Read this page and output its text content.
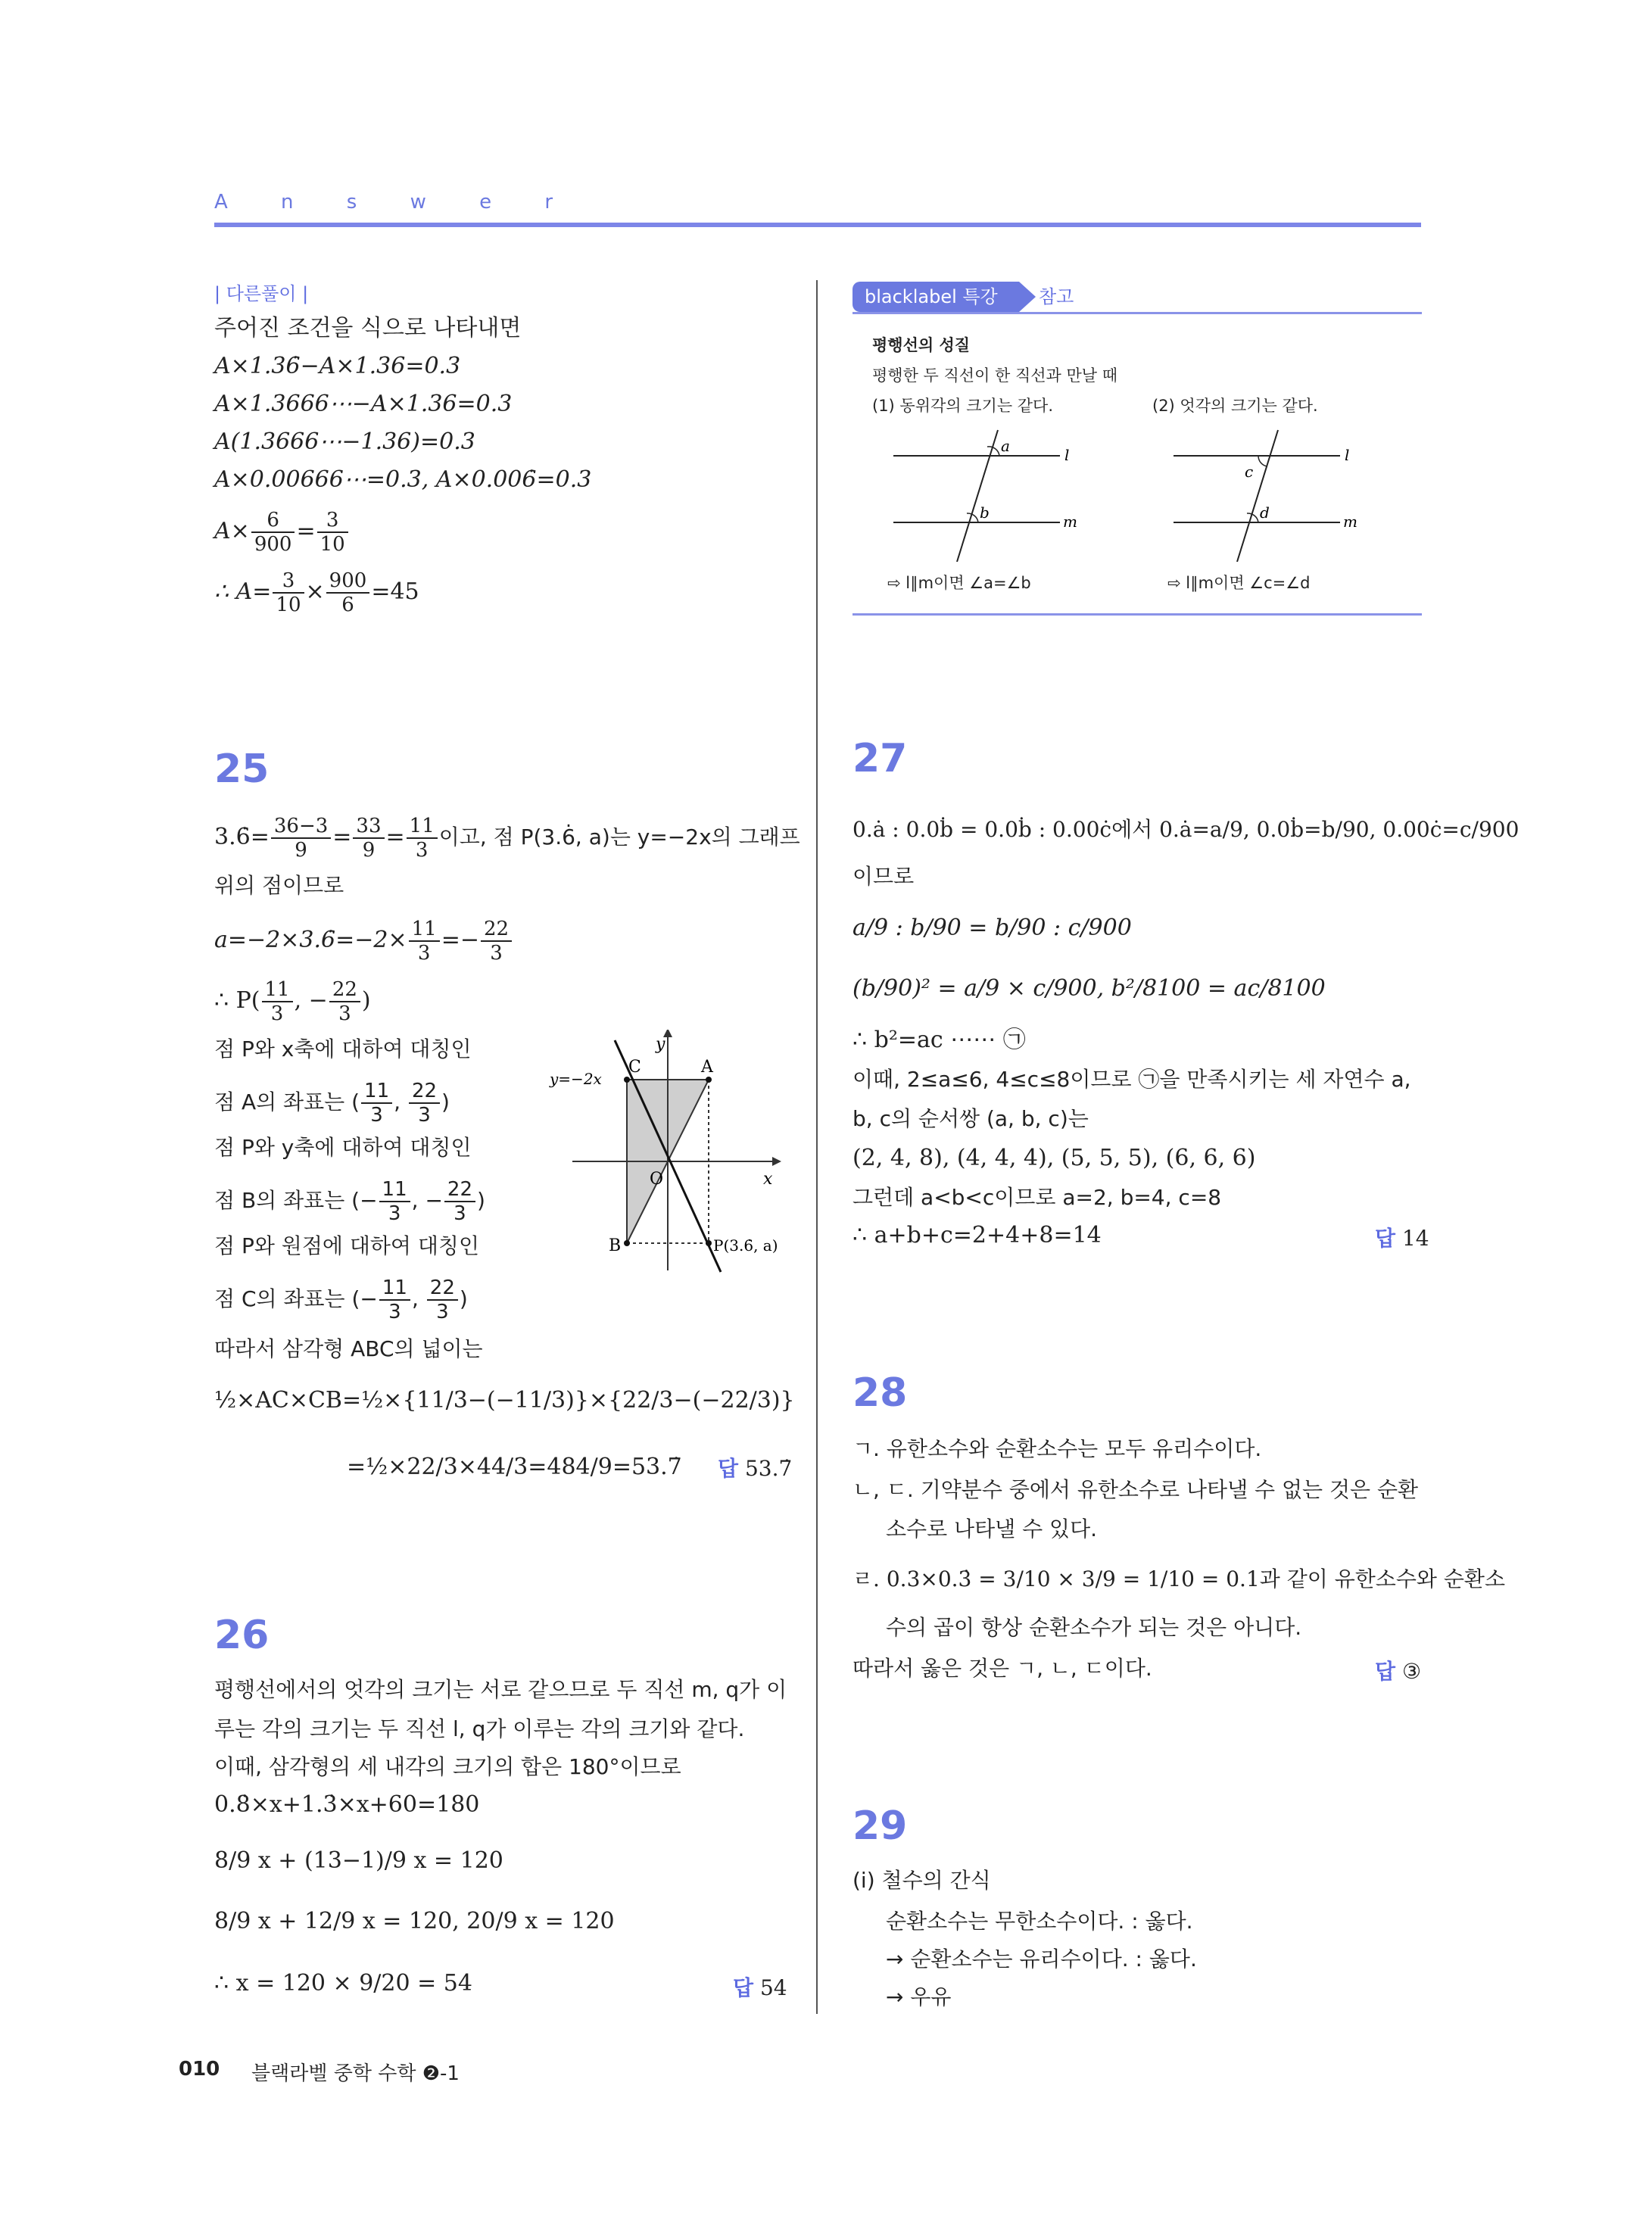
A n s w e r
| 다른풀이 |
주어진 조건을 식으로 나타내면
A×1.36̇−A×1.36=0.3
A×1.3666⋯−A×1.36=0.3
A(1.3666⋯−1.36)=0.3
A×0.00666⋯=0.3, A×0.006̇=0.3
$A\times \frac{6}{900} = \frac{3}{10}$
∴ $A= \frac{3}{10} \times \frac{900}{6} =45$
25
3.6̇= $\frac{36-3}{9} = \frac{33}{9} = \frac{11}{3}$ 이고, 점 P(3.6̇, a)는 y=−2x의 그래프
위의 점이므로
a=−2×3.6̇=−2× $\frac{11}{3} =- \frac{22}{3}$
∴ $P( \frac{11}{3}$ , − $\frac{22}{3}$ )
점 P와 x축에 대하여 대칭인
점 A의 좌표는 ( $\frac{11}{3}$ , $\frac{22}{3}$ )
점 P와 y축에 대하여 대칭인
점 B의 좌표는 (− $\frac{11}{3}$ , − $\frac{22}{3}$ )
점 P와 원점에 대하여 대칭인
점 C의 좌표는 (− $\frac{11}{3}$ , $\frac{22}{3}$ )
따라서 삼각형 ABC의 넓이는
½×AC×CB=½×{11/3−(−11/3)}×{22/3−(−22/3)}
=½×22/3×44/3=484/9=53.7̇ 답 53.7̇
y
x
y=−2x
O
A
C
B	P(3.6̇, a)
26
평행선에서의 엇각의 크기는 서로 같으므로 두 직선 m, q가 이
루는 각의 크기는 두 직선 l, q가 이루는 각의 크기와 같다.
이때, 삼각형의 세 내각의 크기의 합은 180°이므로
0.8̇×x+1.3̇×x+60=180
8/9 x + (13−1)/9 x = 120
8/9 x + 12/9 x = 120, 20/9 x = 120
∴ x = 120 × 9/20 = 54	답 54
blacklabel 특강	참고
평행선의 성질
평행한 두 직선이 한 직선과 만날 때
(1) 동위각의 크기는 같다.	(2) 엇각의 크기는 같다.
a
b
l
m
c
d
l
m
⇨ l∥m이면 ∠a=∠b	⇨ l∥m이면 ∠c=∠d
27
0.ȧ : 0.0ḃ = 0.0ḃ : 0.00ċ에서 0.ȧ=a/9, 0.0ḃ=b/90, 0.00ċ=c/900
이므로
a/9 : b/90 = b/90 : c/900
(b/90)² = a/9 × c/900, b²/8100 = ac/8100
∴ b²=ac ⋯⋯ ㉠
이때, 2≤a≤6, 4≤c≤8이므로 ㉠을 만족시키는 세 자연수 a,
b, c의 순서쌍 (a, b, c)는
(2, 4, 8), (4, 4, 4), (5, 5, 5), (6, 6, 6)
그런데 a<b<c이므로 a=2, b=4, c=8
∴ a+b+c=2+4+8=14	답 14
28
ㄱ. 유한소수와 순환소수는 모두 유리수이다.
ㄴ, ㄷ. 기약분수 중에서 유한소수로 나타낼 수 없는 것은 순환
소수로 나타낼 수 있다.
ㄹ. 0.3×0.3̇ = 3/10 × 3/9 = 1/10 = 0.1과 같이 유한소수와 순환소
수의 곱이 항상 순환소수가 되는 것은 아니다.
따라서 옳은 것은 ㄱ, ㄴ, ㄷ이다.	답 ③
29
(i) 철수의 간식
순환소수는 무한소수이다. : 옳다.
→ 순환소수는 유리수이다. : 옳다.
→ 우유
010 블랙라벨 중학 수학 ❷-1
